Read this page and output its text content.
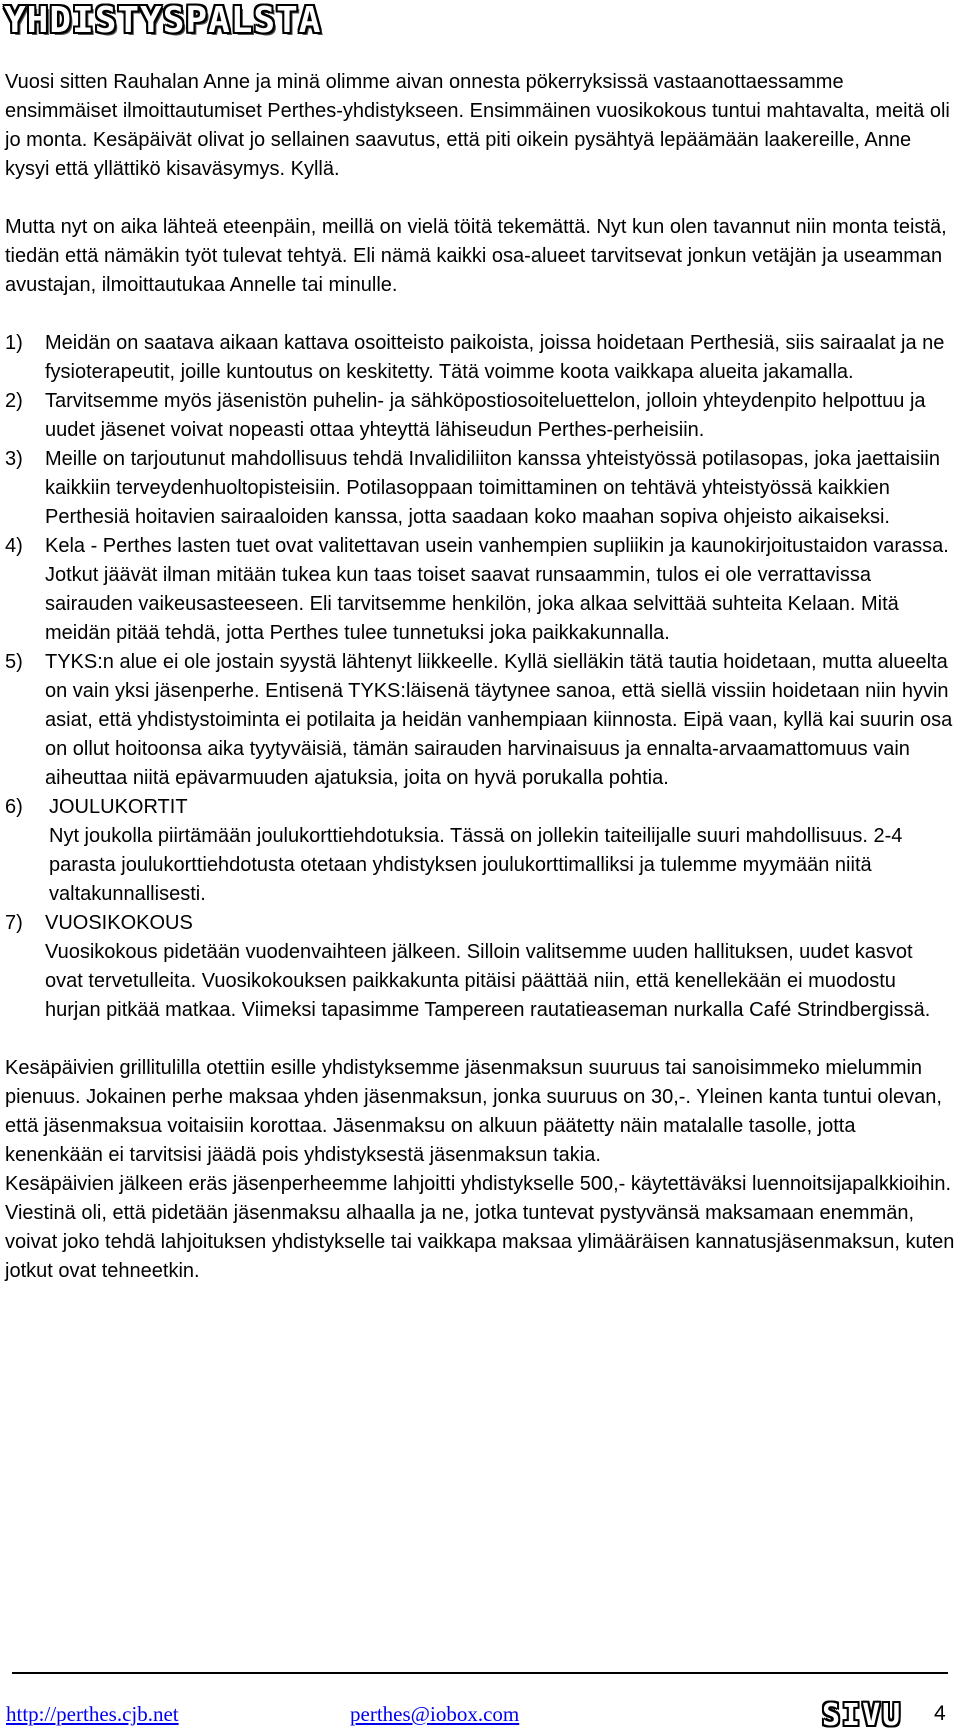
YHDISTYSPALSTA

Vuosi sitten Rauhalan Anne ja minä olimme aivan onnesta pökerryksissä vastaanottaessamme ensimmäiset ilmoittautumiset Perthes-yhdistykseen. Ensimmäinen vuosikokous tuntui mahtavalta, meitä oli jo monta. Kesäpäivät olivat jo sellainen saavutus, että piti oikein pysähtyä lepäämään laakereille, Anne kysyi että yllättikö kisaväsymys. Kyllä.

Mutta nyt on aika lähteä eteenpäin, meillä on vielä töitä tekemättä. Nyt kun olen tavannut niin monta teistä, tiedän että nämäkin työt tulevat tehtyä. Eli nämä kaikki osa-alueet tarvitsevat jonkun vetäjän ja useamman avustajan, ilmoittautukaa Annelle tai minulle.

1)	Meidän on saatava aikaan kattava osoitteisto paikoista, joissa hoidetaan Perthesiä, siis sairaalat ja ne fysioterapeutit, joille kuntoutus on keskitetty. Tätä voimme koota vaikkapa alueita jakamalla.
2)	Tarvitsemme myös jäsenistön puhelin- ja sähköpostiosoiteluettelon, jolloin yhteydenpito helpottuu ja uudet jäsenet voivat nopeasti ottaa yhteyttä lähiseudun Perthes-perheisiin.
3)	Meille on tarjoutunut mahdollisuus tehdä Invalidiliiton kanssa yhteistyössä potilasopas, joka jaettaisiin kaikkiin terveydenhuoltopisteisiin. Potilasoppaan toimittaminen on tehtävä yhteistyössä kaikkien Perthesiä hoitavien sairaaloiden kanssa, jotta saadaan koko maahan sopiva ohjeisto aikaiseksi.
4)	Kela - Perthes lasten tuet ovat valitettavan usein vanhempien supliikin ja kaunokirjoitustaidon varassa. Jotkut jäävät ilman mitään tukea kun taas toiset saavat runsaammin, tulos ei ole verrattavissa sairauden vaikeusasteeseen. Eli tarvitsemme henkilön, joka alkaa selvittää suhteita Kelaan. Mitä meidän pitää tehdä, jotta Perthes tulee tunnetuksi joka paikkakunnalla.
5)	TYKS:n alue ei ole jostain syystä lähtenyt liikkeelle. Kyllä sielläkin tätä tautia hoidetaan, mutta alueelta on vain yksi jäsenperhe. Entisenä TYKS:läisenä täytynee sanoa, että siellä vissiin hoidetaan niin hyvin asiat, että yhdistystoiminta ei potilaita ja heidän vanhempiaan kiinnosta. Eipä vaan, kyllä kai suurin osa on ollut hoitoonsa aika tyytyväisiä, tämän sairauden harvinaisuus ja ennalta-arvaamattomuus vain aiheuttaa niitä epävarmuuden ajatuksia, joita on hyvä porukalla pohtia.
6)	JOULUKORTIT
Nyt joukolla piirtämään joulukorttiehdotuksia. Tässä on jollekin taiteilijalle suuri mahdollisuus. 2-4 parasta joulukorttiehdotusta otetaan yhdistyksen joulukorttimalliksi ja tulemme myymään niitä valtakunnallisesti.
7)	VUOSIKOKOUS
Vuosikokous pidetään vuodenvaihteen jälkeen. Silloin valitsemme uuden hallituksen, uudet kasvot ovat tervetulleita. Vuosikokouksen paikkakunta pitäisi päättää niin, että kenellekään ei muodostu hurjan pitkää matkaa. Viimeksi tapasimme Tampereen rautatieaseman nurkalla Café Strindbergissä.

Kesäpäivien grillitulilla otettiin esille yhdistyksemme jäsenmaksun suuruus tai sanoisimmeko mielummin pienuus. Jokainen perhe maksaa yhden jäsenmaksun, jonka suuruus on 30,-. Yleinen kanta tuntui olevan, että jäsenmaksua voitaisiin korottaa. Jäsenmaksu on alkuun päätetty näin matalalle tasolle, jotta kenenkään ei tarvitsisi jäädä pois yhdistyksestä jäsenmaksun takia.

Kesäpäivien jälkeen eräs jäsenperheemme lahjoitti yhdistykselle 500,- käytettäväksi luennoitsijapalkkioihin. Viestinä oli, että pidetään jäsenmaksu alhaalla ja ne, jotka tuntevat pystyvänsä maksamaan enemmän, voivat joko tehdä lahjoituksen yhdistykselle tai vaikkapa maksaa ylimääräisen kannatusjäsenmaksun, kuten jotkut ovat tehneetkin.

http://perthes.cjb.net	perthes@iobox.com	SIVU 4
